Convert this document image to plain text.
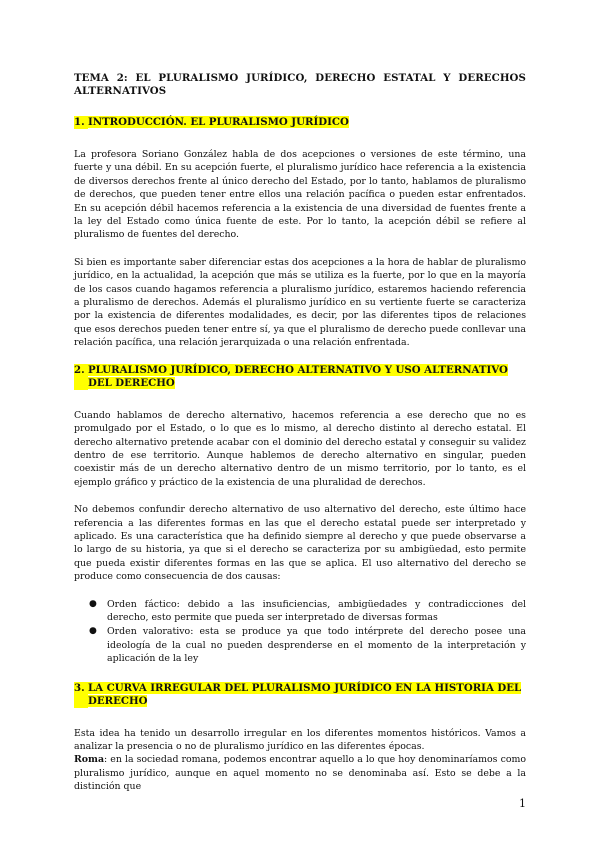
TEMA 2: EL PLURALISMO JURÍDICO, DERECHO ESTATAL Y DERECHOS ALTERNATIVOS
1. INTRODUCCIÓN. EL PLURALISMO JURÍDICO

La profesora Soriano González habla de dos acepciones o versiones de este término, una fuerte y una débil. En su acepción fuerte, el pluralismo jurídico hace referencia a la existencia de diversos derechos frente al único derecho del Estado, por lo tanto, hablamos de pluralismo de derechos, que pueden tener entre ellos una relación pacífica o pueden estar enfrentados. En su acepción débil hacemos referencia a la existencia de una diversidad de fuentes frente a la ley del Estado como única fuente de este. Por lo tanto, la acepción débil se refiere al pluralismo de fuentes del derecho.

Si bien es importante saber diferenciar estas dos acepciones a la hora de hablar de pluralismo jurídico, en la actualidad, la acepción que más se utiliza es la fuerte, por lo que en la mayoría de los casos cuando hagamos referencia a pluralismo jurídico, estaremos haciendo referencia a pluralismo de derechos. Además el pluralismo jurídico en su vertiente fuerte se caracteriza por la existencia de diferentes modalidades, es decir, por las diferentes tipos de relaciones que esos derechos pueden tener entre sí, ya que el pluralismo de derecho puede conllevar una relación pacífica, una relación jerarquizada o una relación enfrentada.

2. PLURALISMO JURÍDICO, DERECHO ALTERNATIVO Y USO ALTERNATIVO DEL DERECHO

Cuando hablamos de derecho alternativo, hacemos referencia a ese derecho que no es promulgado por el Estado, o lo que es lo mismo, al derecho distinto al derecho estatal. El derecho alternativo pretende acabar con el dominio del derecho estatal y conseguir su validez dentro de ese territorio. Aunque hablemos de derecho alternativo en singular, pueden coexistir más de un derecho alternativo dentro de un mismo territorio, por lo tanto, es el ejemplo gráfico y práctico de la existencia de una pluralidad de derechos.

No debemos confundir derecho alternativo de uso alternativo del derecho, este último hace referencia a las diferentes formas en las que el derecho estatal puede ser interpretado y aplicado. Es una característica que ha definido siempre al derecho y que puede observarse a lo largo de su historia, ya que si el derecho se caracteriza por su ambigüedad, esto permite que pueda existir diferentes formas en las que se aplica. El uso alternativo del derecho se produce como consecuencia de dos causas:

● Orden fáctico: debido a las insuficiencias, ambigüedades y contradicciones del derecho, esto permite que pueda ser interpretado de diversas formas
● Orden valorativo: esta se produce ya que todo intérprete del derecho posee una ideología de la cual no pueden desprenderse en el momento de la interpretación y aplicación de la ley
3. LA CURVA IRREGULAR DEL PLURALISMO JURÍDICO EN LA HISTORIA DEL DERECHO

Esta idea ha tenido un desarrollo irregular en los diferentes momentos históricos. Vamos a analizar la presencia o no de pluralismo jurídico en las diferentes épocas.

Roma: en la sociedad romana, podemos encontrar aquello a lo que hoy denominaríamos como pluralismo jurídico, aunque en aquel momento no se denominaba así. Esto se debe a la distinción que

1
